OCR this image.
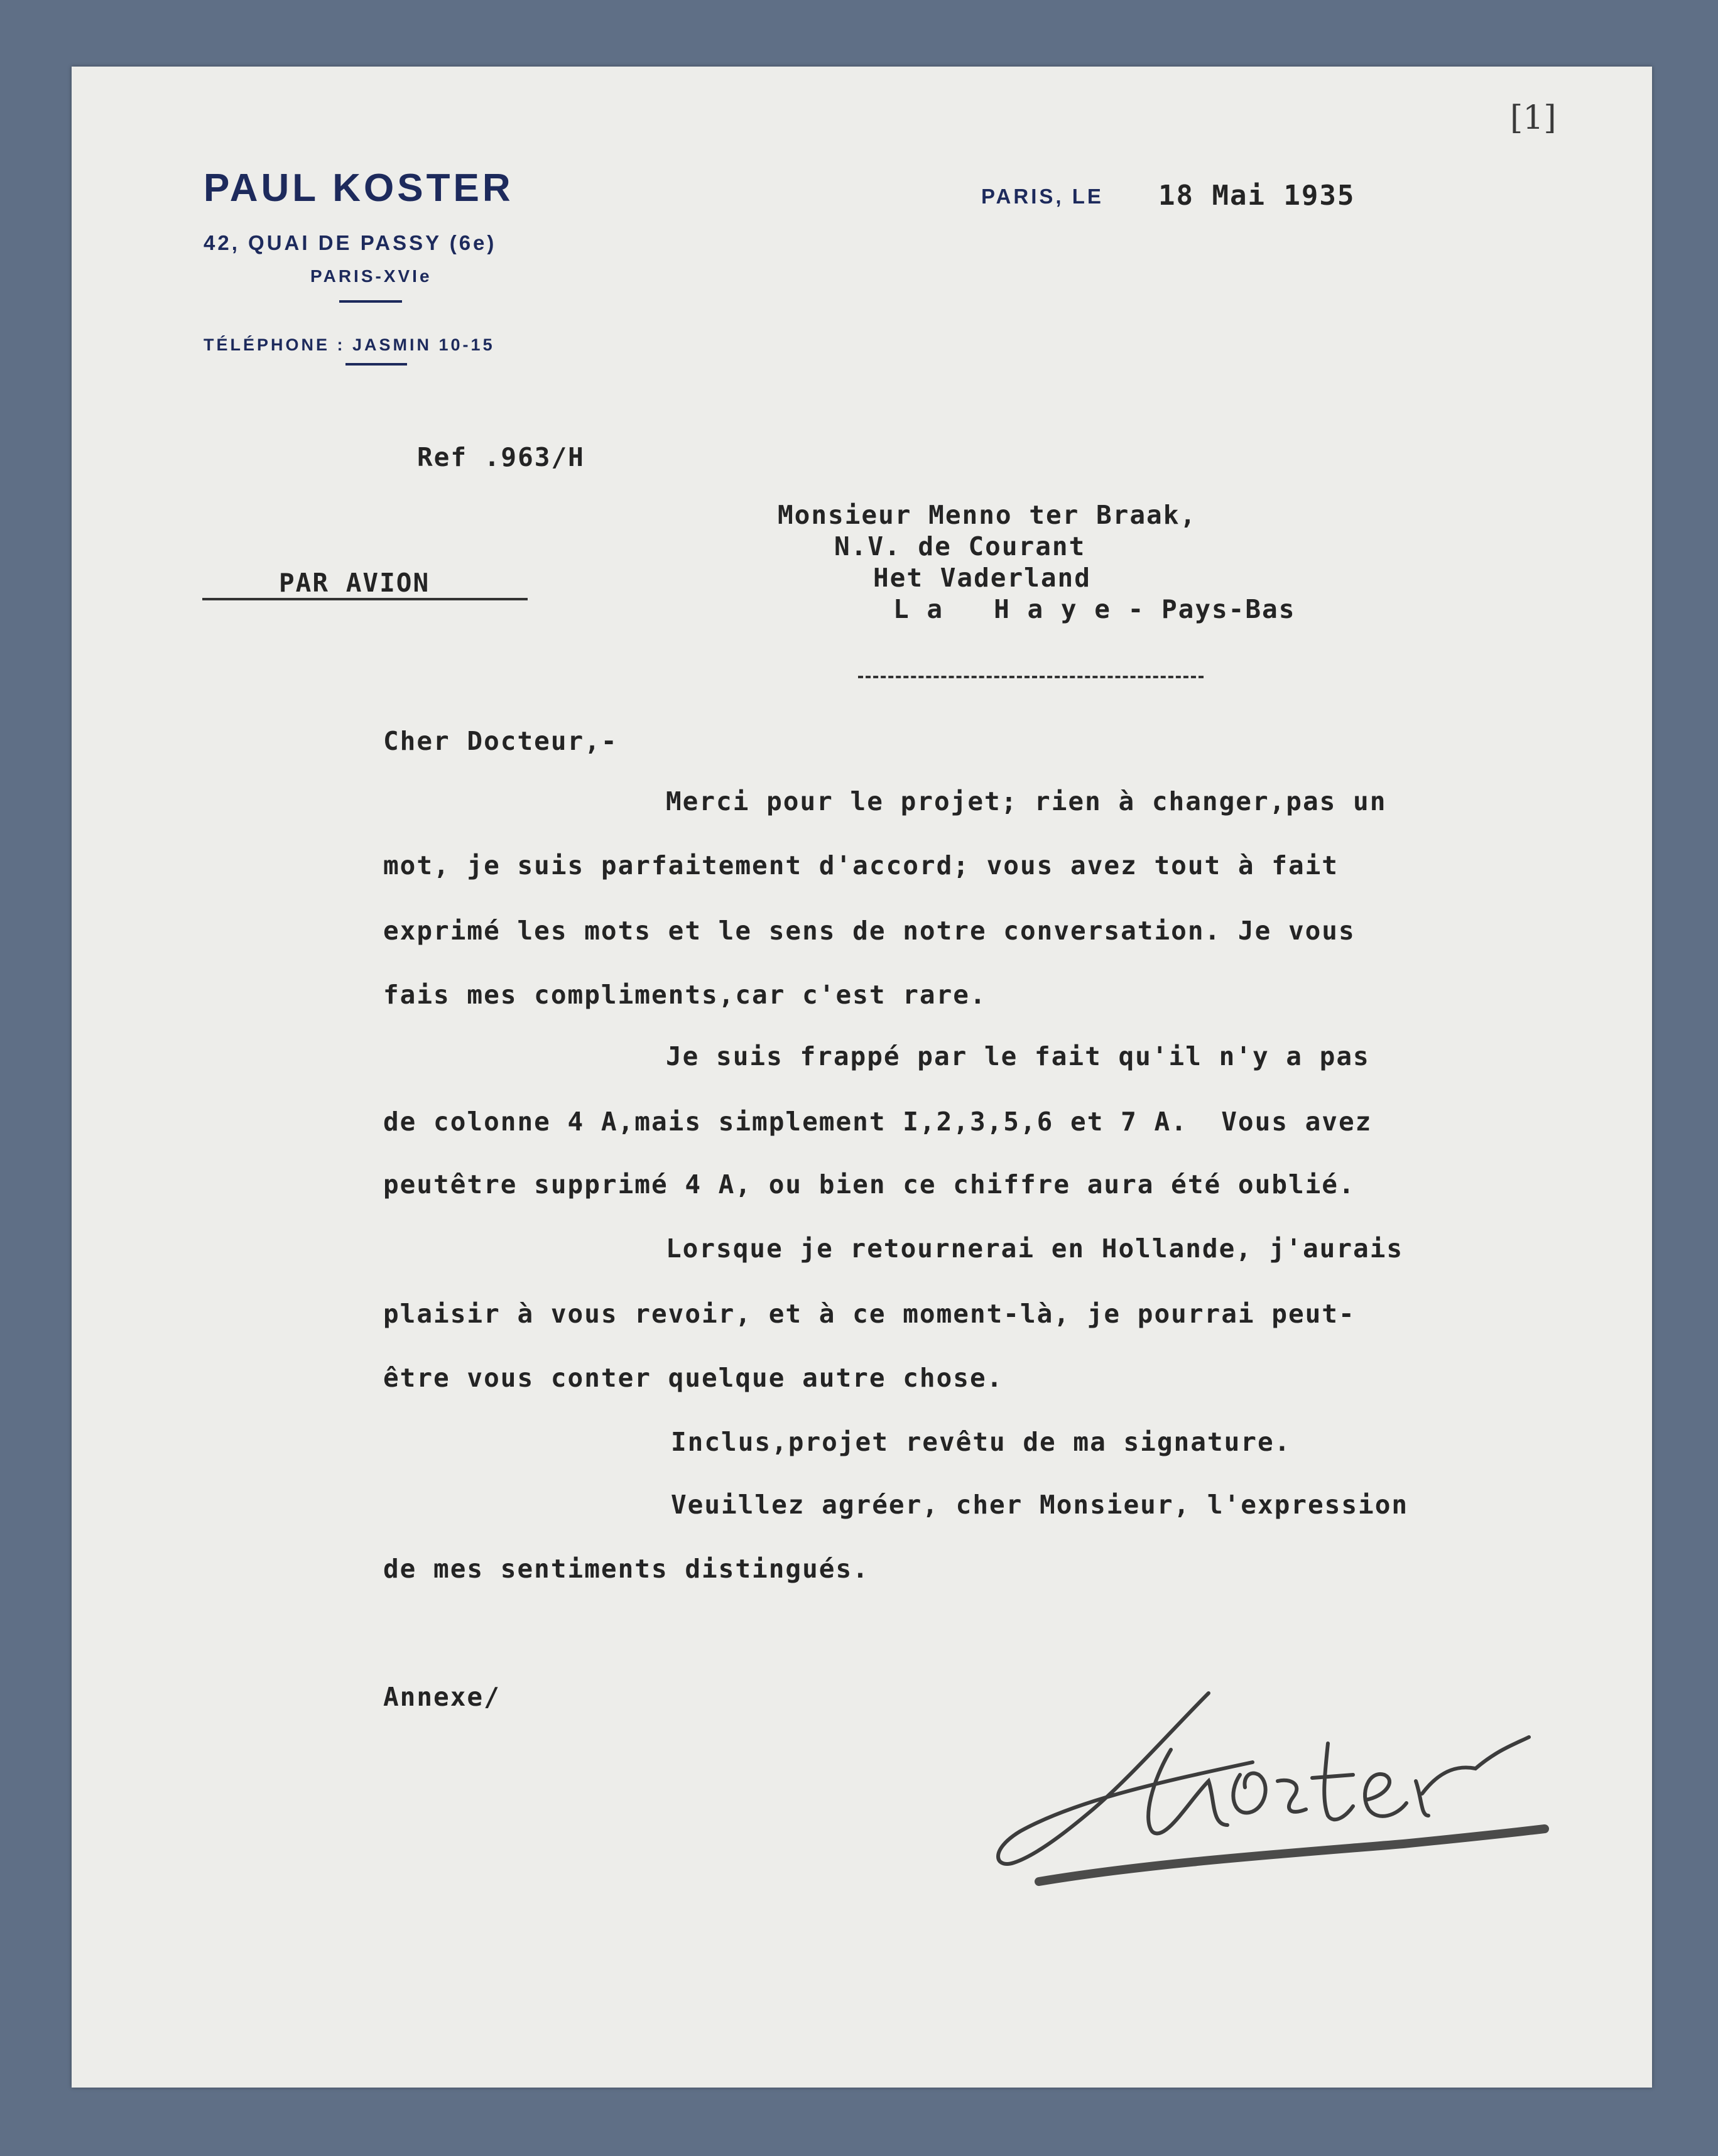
[1]
PAUL KOSTER
42, QUAI DE PASSY (6e)
PARIS-XVIe
TÉLÉPHONE : JASMIN 10-15
PARIS, LE 18 Mai 1935
Ref .963/H
PAR AVION
Monsieur Menno ter Braak,
N.V. de Courant
Het Vaderland
L a   H a y e - Pays-Bas
Cher Docteur,-
Merci pour le projet; rien à changer,pas un
mot, je suis parfaitement d'accord; vous avez tout à fait
exprimé les mots et le sens de notre conversation. Je vous
fais mes compliments,car c'est rare.
Je suis frappé par le fait qu'il n'y a pas
de colonne 4 A,mais simplement I,2,3,5,6 et 7 A.  Vous avez
peutêtre supprimé 4 A, ou bien ce chiffre aura été oublié.
Lorsque je retournerai en Hollande, j'aurais
plaisir à vous revoir, et à ce moment-là, je pourrai peut-
être vous conter quelque autre chose.
Inclus,projet revêtu de ma signature.
Veuillez agréer, cher Monsieur, l'expression
de mes sentiments distingués.
Annexe/
